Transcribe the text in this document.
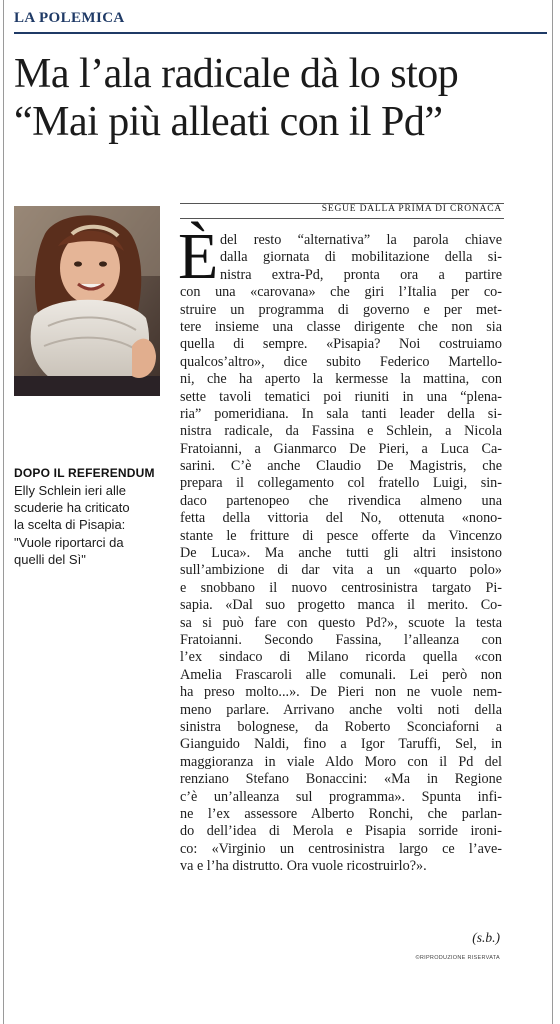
LA POLEMICA
Ma l’ala radicale dà lo stop
“Mai più alleati con il Pd”
DOPO IL REFERENDUM
Elly Schlein ieri alle
scuderie ha criticato
la scelta di Pisapia:
"Vuole riportarci da
quelli del Sì"
SEGUE DALLA PRIMA DI CRONACA
È del resto “alternativa” la parola chiave
dalla giornata di mobilitazione della si-
nistra extra-Pd, pronta ora a partire
con una «carovana» che giri l’Italia per co-
struire un programma di governo e per met-
tere insieme una classe dirigente che non sia
quella di sempre. «Pisapia? Noi costruiamo
qualcos’altro», dice subito Federico Martello-
ni, che ha aperto la kermesse la mattina, con
sette tavoli tematici poi riuniti in una “plena-
ria” pomeridiana. In sala tanti leader della si-
nistra radicale, da Fassina e Schlein, a Nicola
Fratoianni, a Gianmarco De Pieri, a Luca Ca-
sarini. C’è anche Claudio De Magistris, che
prepara il collegamento col fratello Luigi, sin-
daco partenopeo che rivendica almeno una
fetta della vittoria del No, ottenuta «nono-
stante le fritture di pesce offerte da Vincenzo
De Luca». Ma anche tutti gli altri insistono
sull’ambizione di dar vita a un «quarto polo»
e snobbano il nuovo centrosinistra targato Pi-
sapia. «Dal suo progetto manca il merito. Co-
sa si può fare con questo Pd?», scuote la testa
Fratoianni. Secondo Fassina, l’alleanza con
l’ex sindaco di Milano ricorda quella «con
Amelia Frascaroli alle comunali. Lei però non
ha preso molto...». De Pieri non ne vuole nem-
meno parlare. Arrivano anche volti noti della
sinistra bolognese, da Roberto Sconciaforni a
Gianguido Naldi, fino a Igor Taruffi, Sel, in
maggioranza in viale Aldo Moro con il Pd del
renziano Stefano Bonaccini: «Ma in Regione
c’è un’alleanza sul programma». Spunta infi-
ne l’ex assessore Alberto Ronchi, che parlan-
do dell’idea di Merola e Pisapia sorride ironi-
co: «Virginio un centrosinistra largo ce l’ave-
va e l’ha distrutto. Ora vuole ricostruirlo?».
(s.b.)
©RIPRODUZIONE RISERVATA
